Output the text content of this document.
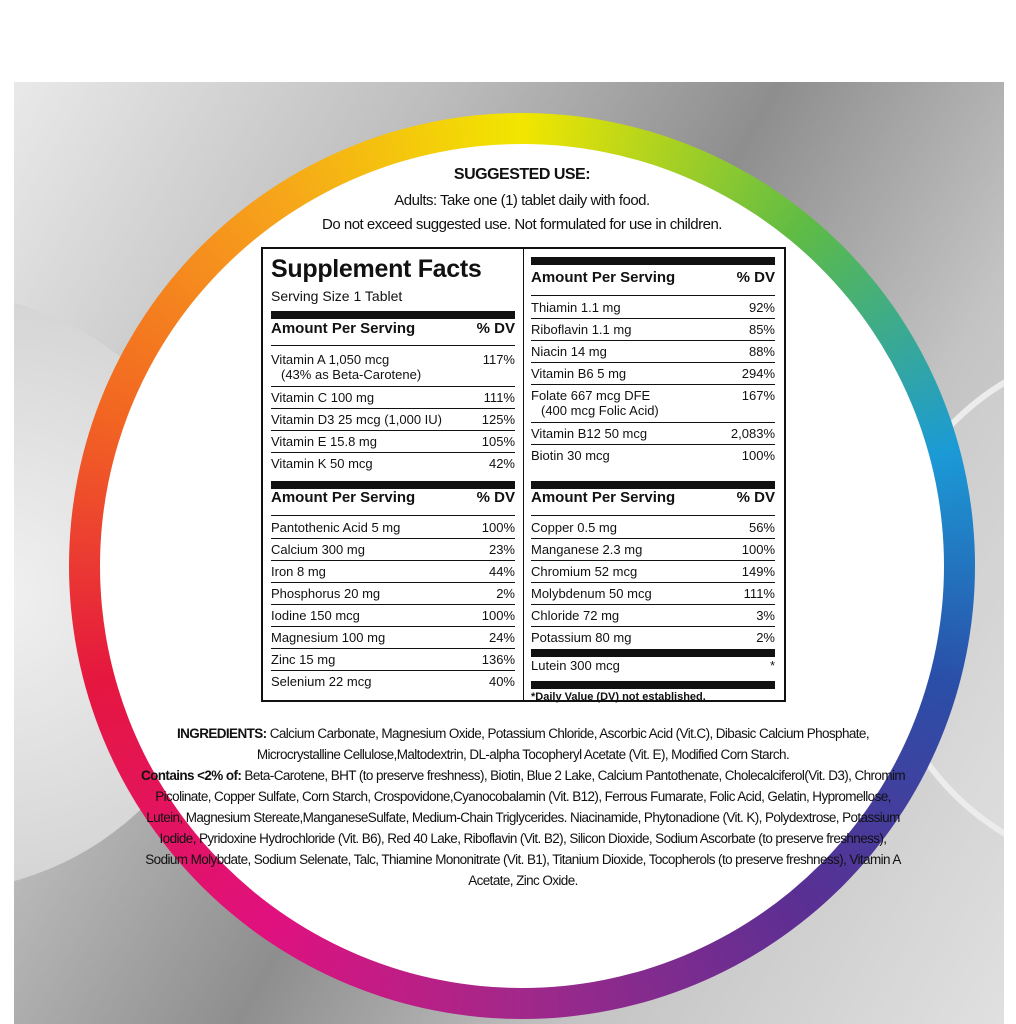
SUGGESTED USE:
Adults: Take one (1) tablet daily with food.
Do not exceed suggested use. Not formulated for use in children.
Supplement Facts
Serving Size 1 Tablet
Amount Per Serving	% DV
Vitamin A 1,050 mcg	117%
(43% as Beta-Carotene)
Vitamin C 100 mg	111%
Vitamin D3 25 mcg (1,000 IU)	125%
Vitamin E 15.8 mg	105%
Vitamin K 50 mcg	42%
Amount Per Serving	% DV
Pantothenic Acid 5 mg	100%
Calcium 300 mg	23%
Iron 8 mg	44%
Phosphorus 20 mg	2%
Iodine 150 mcg	100%
Magnesium 100 mg	24%
Zinc 15 mg	136%
Selenium 22 mcg	40%
Amount Per Serving	% DV
Thiamin 1.1 mg	92%
Riboflavin 1.1 mg	85%
Niacin 14 mg	88%
Vitamin B6 5 mg	294%
Folate 667 mcg DFE	167%
(400 mcg Folic Acid)
Vitamin B12 50 mcg	2,083%
Biotin 30 mcg	100%
Amount Per Serving	% DV
Copper 0.5 mg	56%
Manganese 2.3 mg	100%
Chromium 52 mcg	149%
Molybdenum 50 mcg	111%
Chloride 72 mg	3%
Potassium 80 mg	2%
Lutein 300 mcg	*
*Daily Value (DV) not established.
INGREDIENTS: Calcium Carbonate, Magnesium Oxide, Potassium Chloride, Ascorbic Acid (Vit.C), Dibasic Calcium Phosphate, Microcrystalline Cellulose,Maltodextrin, DL-alpha Tocopheryl Acetate (Vit. E), Modified Corn Starch.
Contains <2% of: Beta-Carotene, BHT (to preserve freshness), Biotin, Blue 2 Lake, Calcium Pantothenate, Cholecalciferol(Vit. D3), Chromim Picolinate, Copper Sulfate, Corn Starch, Crospovidone,Cyanocobalamin (Vit. B12), Ferrous Fumarate, Folic Acid, Gelatin, Hypromellose, Lutein, Magnesium Stereate,ManganeseSulfate, Medium-Chain Triglycerides. Niacinamide, Phytonadione (Vit. K), Polydextrose, Potassium Iodide, Pyridoxine Hydrochloride (Vit. B6), Red 40 Lake, Riboflavin (Vit. B2), Silicon Dioxide, Sodium Ascorbate (to preserve freshness), Sodium Molybdate, Sodium Selenate, Talc, Thiamine Mononitrate (Vit. B1), Titanium Dioxide, Tocopherols (to preserve freshness), Vitamin A Acetate, Zinc Oxide.
